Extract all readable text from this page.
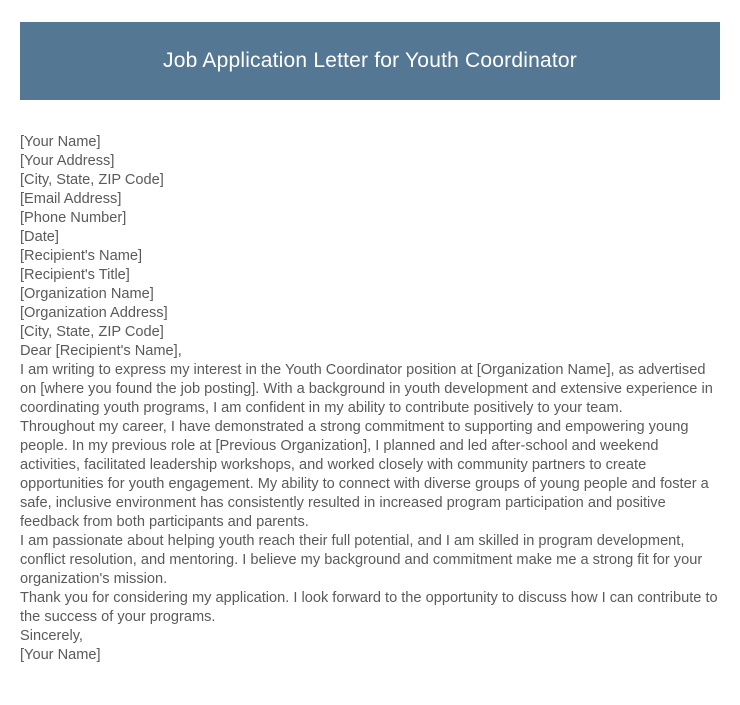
Job Application Letter for Youth Coordinator
[Your Name]
[Your Address]
[City, State, ZIP Code]
[Email Address]
[Phone Number]
[Date]
[Recipient's Name]
[Recipient's Title]
[Organization Name]
[Organization Address]
[City, State, ZIP Code]
Dear [Recipient's Name],

I am writing to express my interest in the Youth Coordinator position at [Organization Name], as advertised on [where you found the job posting]. With a background in youth development and extensive experience in coordinating youth programs, I am confident in my ability to contribute positively to your team.

Throughout my career, I have demonstrated a strong commitment to supporting and empowering young people. In my previous role at [Previous Organization], I planned and led after-school and weekend activities, facilitated leadership workshops, and worked closely with community partners to create opportunities for youth engagement. My ability to connect with diverse groups of young people and foster a safe, inclusive environment has consistently resulted in increased program participation and positive feedback from both participants and parents.

I am passionate about helping youth reach their full potential, and I am skilled in program development, conflict resolution, and mentoring. I believe my background and commitment make me a strong fit for your organization's mission.

Thank you for considering my application. I look forward to the opportunity to discuss how I can contribute to the success of your programs.

Sincerely,
[Your Name]
